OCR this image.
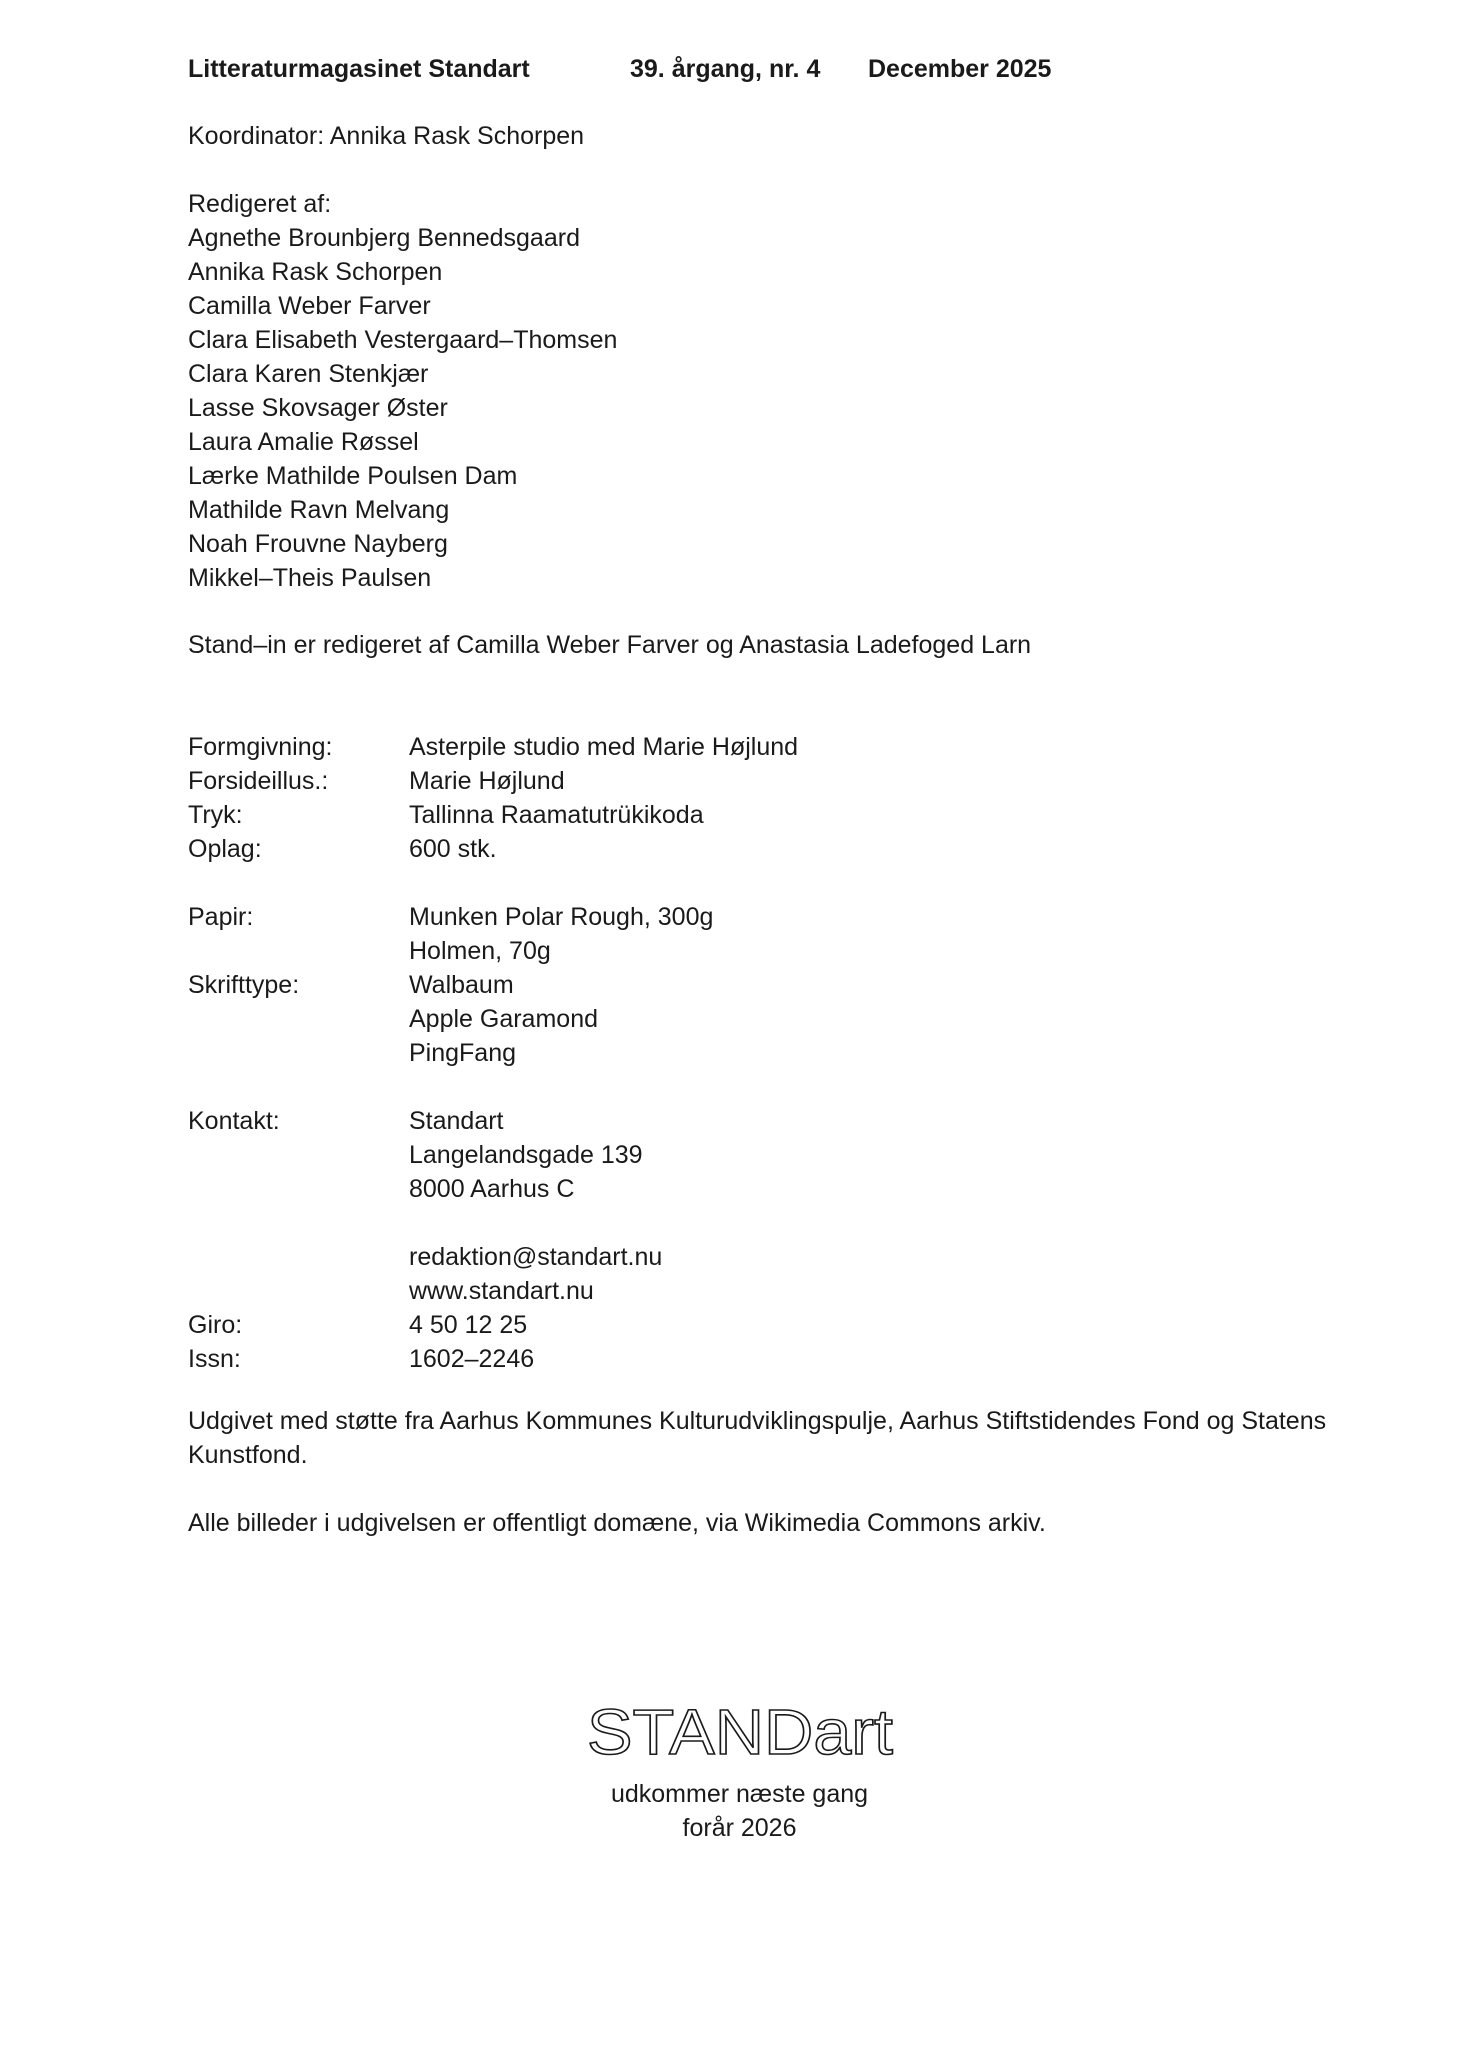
Litteraturmagasinet Standart	39. årgang, nr. 4 December 2025
Koordinator: Annika Rask Schorpen
Redigeret af:
Agnethe Brounbjerg Bennedsgaard
Annika Rask Schorpen
Camilla Weber Farver
Clara Elisabeth Vestergaard–Thomsen
Clara Karen Stenkjær
Lasse Skovsager Øster
Laura Amalie Røssel
Lærke Mathilde Poulsen Dam
Mathilde Ravn Melvang
Noah Frouvne Nayberg
Mikkel–Theis Paulsen
Stand–in er redigeret af Camilla Weber Farver og Anastasia Ladefoged Larn
Formgivning:	Asterpile studio med Marie Højlund
Forsideillus.:	Marie Højlund
Tryk:	Tallinna Raamatutrükikoda
Oplag:	600 stk.
Papir:	Munken Polar Rough, 300g
Holmen, 70g
Skrifttype:	Walbaum
Apple Garamond
PingFang
Kontakt:	Standart
Langelandsgade 139
8000 Aarhus C
redaktion@standart.nu
www.standart.nu
Giro:	4 50 12 25
Issn:	1602–2246
Udgivet med støtte fra Aarhus Kommunes Kulturudviklingspulje, Aarhus Stiftstidendes Fond og Statens Kunstfond.
Alle billeder i udgivelsen er offentligt domæne, via Wikimedia Commons arkiv.
STANDart
udkommer næste gang
forår 2026
